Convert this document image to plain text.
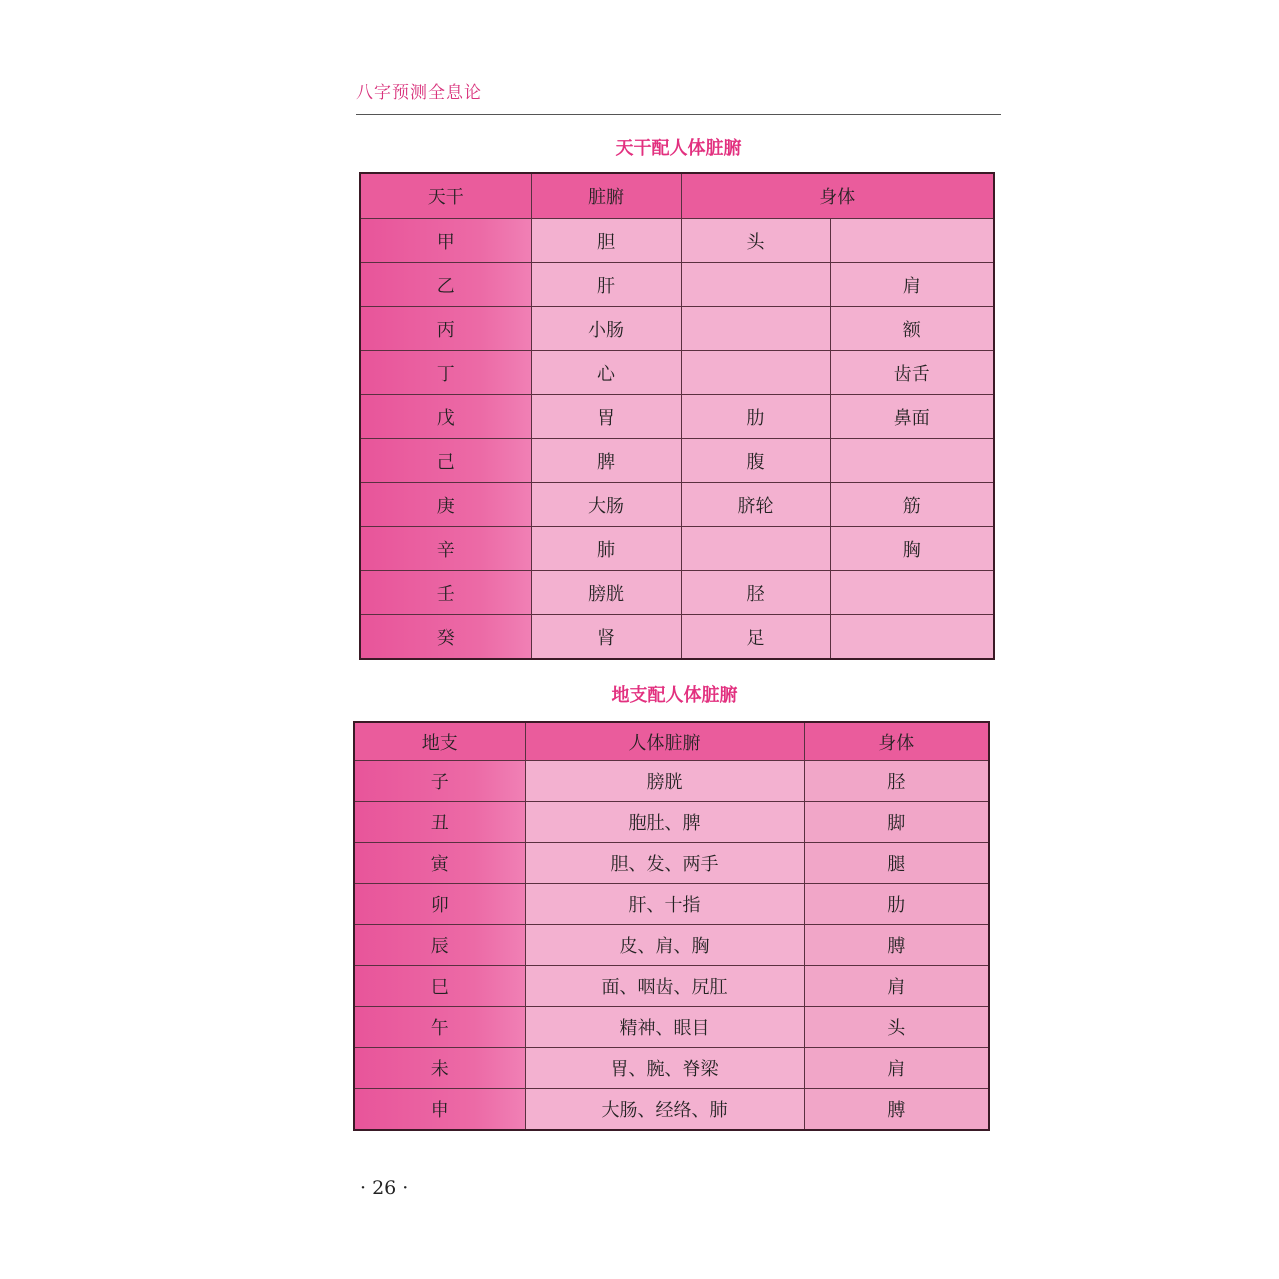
八字预测全息论
天干配人体脏腑
天干	脏腑	身体	
甲	胆	头	
乙	肝		肩
丙	小肠		额
丁	心		齿舌
戊	胃	肋	鼻面
己	脾	腹	
庚	大肠	脐轮	筋
辛	肺		胸
壬	膀胱	胫	
癸	肾	足	
地支配人体脏腑
地支	人体脏腑	身体
子	膀胱	胫
丑	胞肚、脾	脚
寅	胆、发、两手	腿
卯	肝、十指	肋
辰	皮、肩、胸	膊
巳	面、咽齿、尻肛	肩
午	精神、眼目	头
未	胃、腕、脊梁	肩
申	大肠、经络、肺	膊
· 26 ·
